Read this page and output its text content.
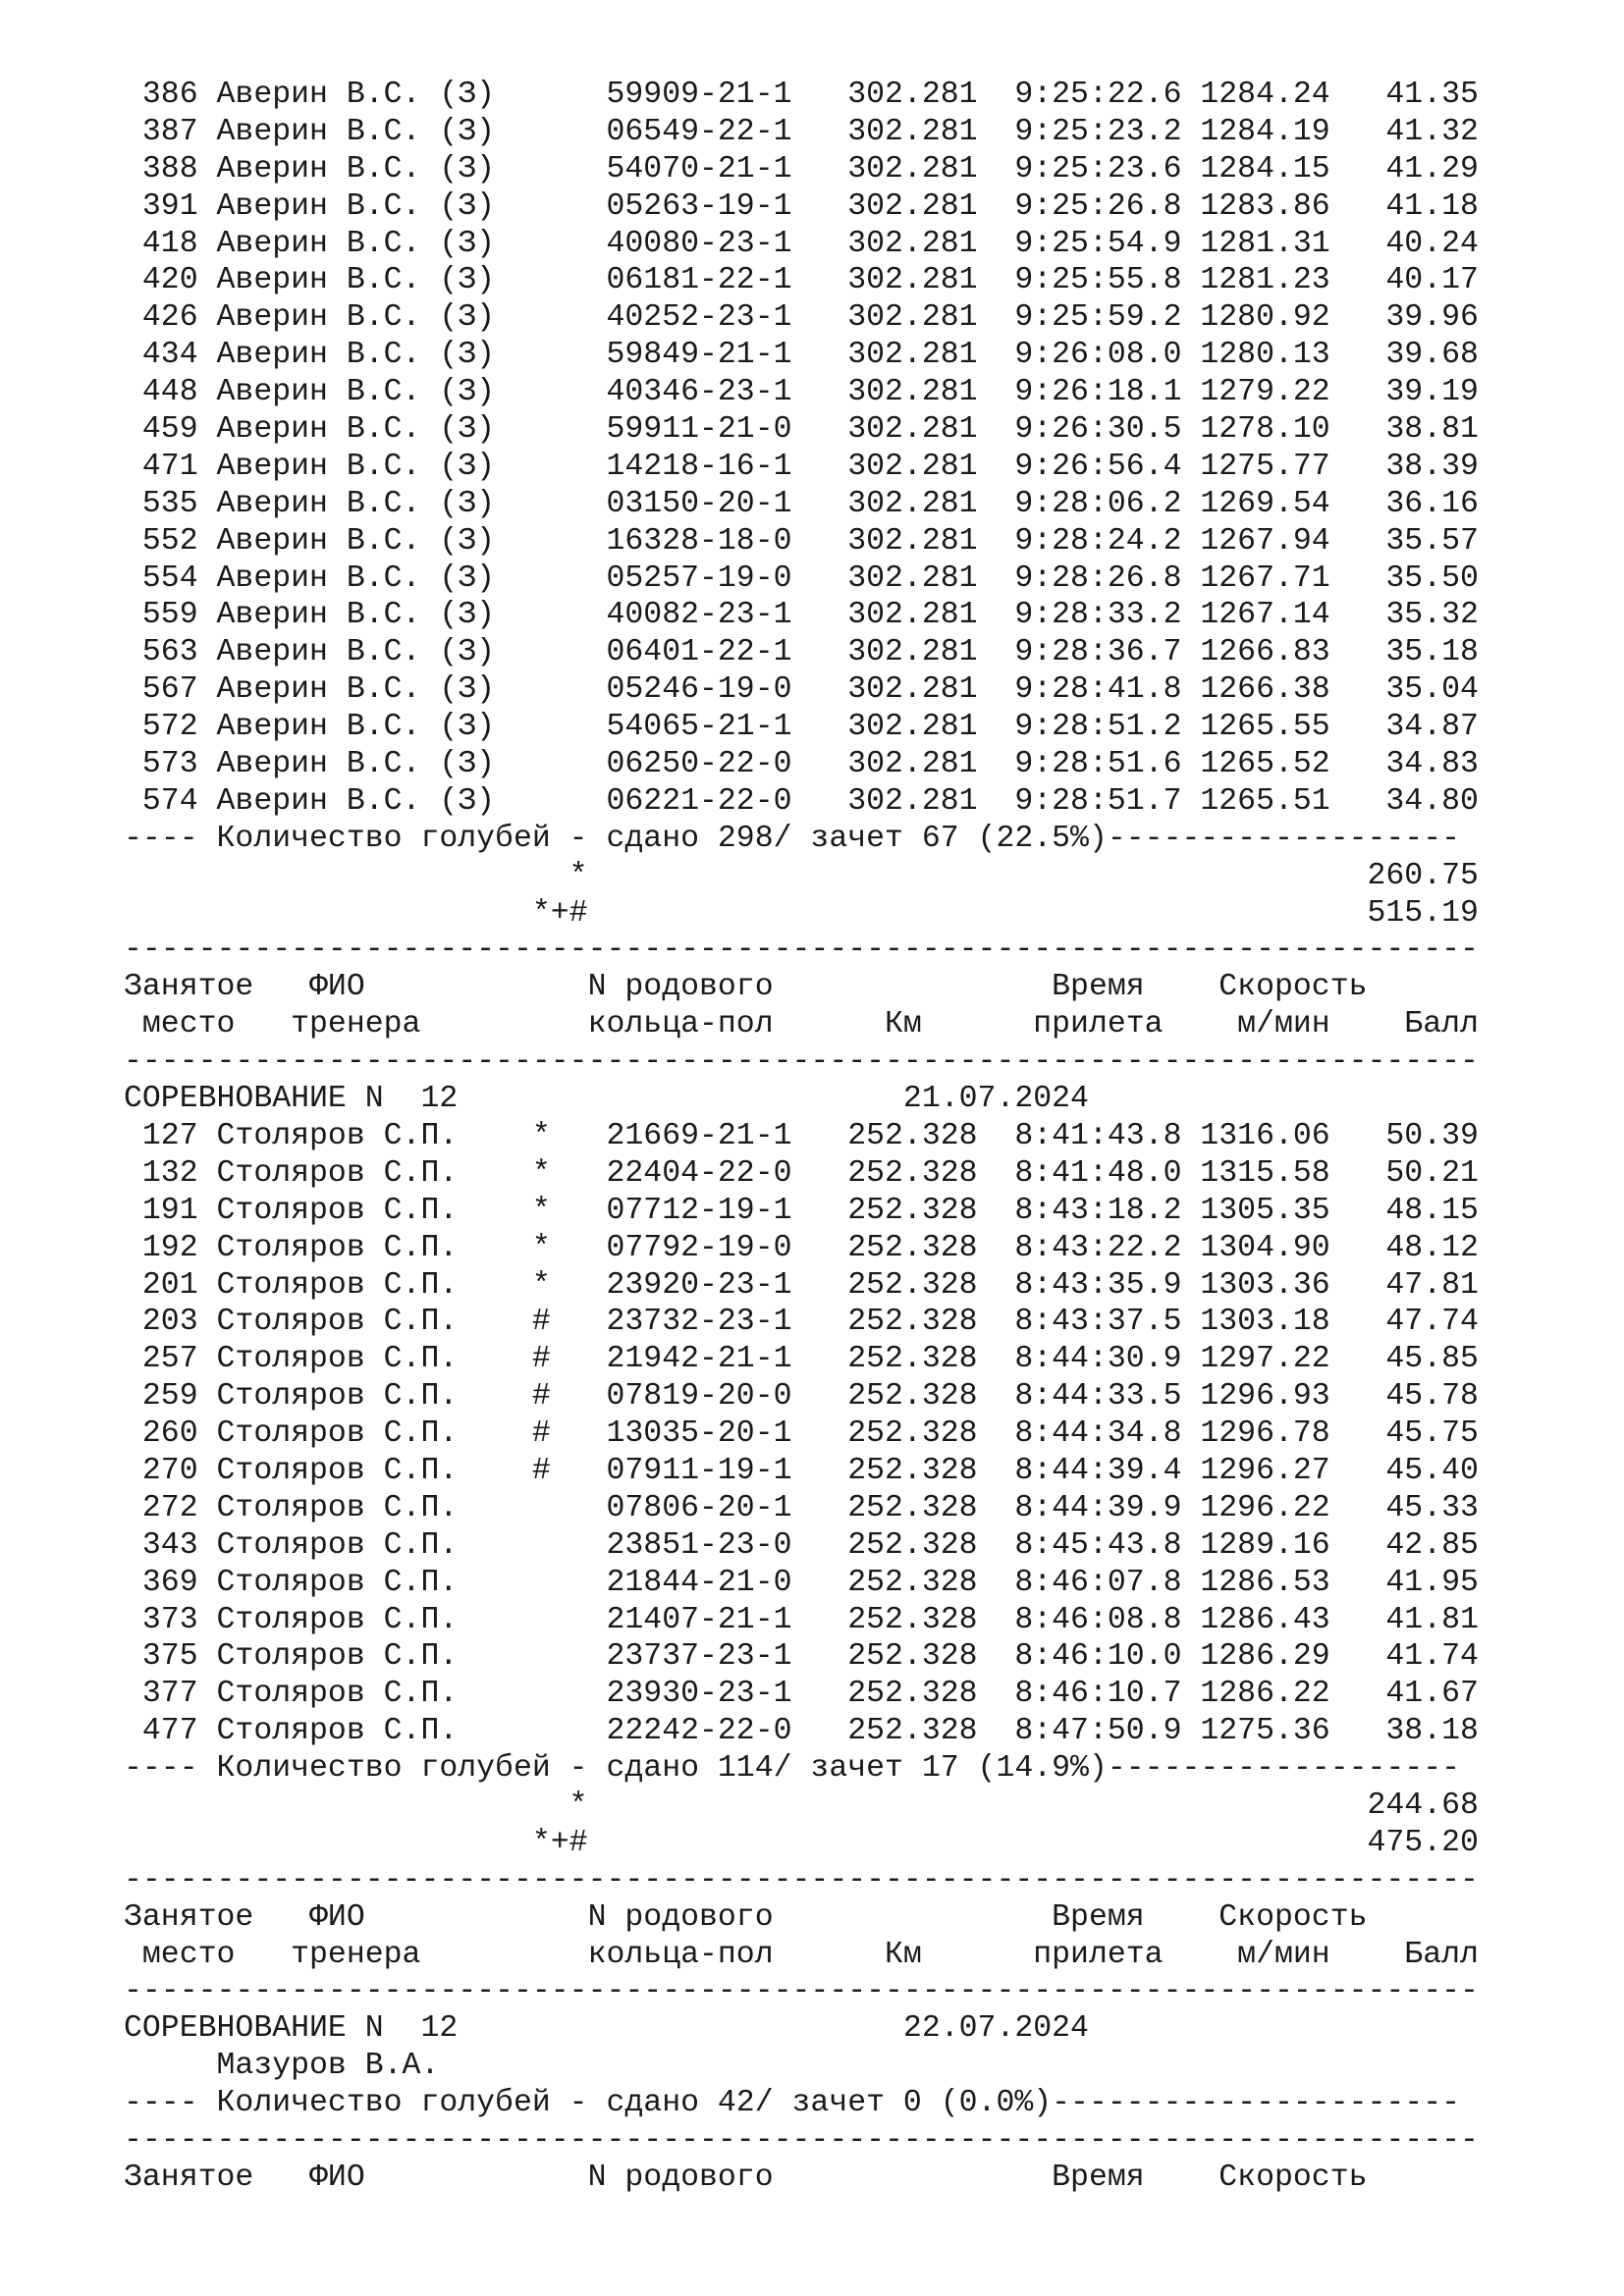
386 Аверин В.С. (З)      59909-21-1   302.281  9:25:22.6 1284.24   41.35
387 Аверин В.С. (З)      06549-22-1   302.281  9:25:23.2 1284.19   41.32
388 Аверин В.С. (З)      54070-21-1   302.281  9:25:23.6 1284.15   41.29
391 Аверин В.С. (З)      05263-19-1   302.281  9:25:26.8 1283.86   41.18
418 Аверин В.С. (З)      40080-23-1   302.281  9:25:54.9 1281.31   40.24
420 Аверин В.С. (З)      06181-22-1   302.281  9:25:55.8 1281.23   40.17
426 Аверин В.С. (З)      40252-23-1   302.281  9:25:59.2 1280.92   39.96
434 Аверин В.С. (З)      59849-21-1   302.281  9:26:08.0 1280.13   39.68
448 Аверин В.С. (З)      40346-23-1   302.281  9:26:18.1 1279.22   39.19
459 Аверин В.С. (З)      59911-21-0   302.281  9:26:30.5 1278.10   38.81
471 Аверин В.С. (З)      14218-16-1   302.281  9:26:56.4 1275.77   38.39
535 Аверин В.С. (З)      03150-20-1   302.281  9:28:06.2 1269.54   36.16
552 Аверин В.С. (З)      16328-18-0   302.281  9:28:24.2 1267.94   35.57
554 Аверин В.С. (З)      05257-19-0   302.281  9:28:26.8 1267.71   35.50
559 Аверин В.С. (З)      40082-23-1   302.281  9:28:33.2 1267.14   35.32
563 Аверин В.С. (З)      06401-22-1   302.281  9:28:36.7 1266.83   35.18
567 Аверин В.С. (З)      05246-19-0   302.281  9:28:41.8 1266.38   35.04
572 Аверин В.С. (З)      54065-21-1   302.281  9:28:51.2 1265.55   34.87
573 Аверин В.С. (З)      06250-22-0   302.281  9:28:51.6 1265.52   34.83
574 Аверин В.С. (З)      06221-22-0   302.281  9:28:51.7 1265.51   34.80
---- Количество голубей - сдано 298/ зачет 67 (22.5%)-------------------
*                                          260.75
*+#                                          515.19
-------------------------------------------------------------------------
Занятое   ФИО            N родового               Время    Скорость
место   тренера         кольца-пол      Км      прилета    м/мин    Балл
-------------------------------------------------------------------------
СОРЕВНОВАНИЕ N  12                        21.07.2024
127 Столяров С.П.    *   21669-21-1   252.328  8:41:43.8 1316.06   50.39
132 Столяров С.П.    *   22404-22-0   252.328  8:41:48.0 1315.58   50.21
191 Столяров С.П.    *   07712-19-1   252.328  8:43:18.2 1305.35   48.15
192 Столяров С.П.    *   07792-19-0   252.328  8:43:22.2 1304.90   48.12
201 Столяров С.П.    *   23920-23-1   252.328  8:43:35.9 1303.36   47.81
203 Столяров С.П.    #   23732-23-1   252.328  8:43:37.5 1303.18   47.74
257 Столяров С.П.    #   21942-21-1   252.328  8:44:30.9 1297.22   45.85
259 Столяров С.П.    #   07819-20-0   252.328  8:44:33.5 1296.93   45.78
260 Столяров С.П.    #   13035-20-1   252.328  8:44:34.8 1296.78   45.75
270 Столяров С.П.    #   07911-19-1   252.328  8:44:39.4 1296.27   45.40
272 Столяров С.П.        07806-20-1   252.328  8:44:39.9 1296.22   45.33
343 Столяров С.П.        23851-23-0   252.328  8:45:43.8 1289.16   42.85
369 Столяров С.П.        21844-21-0   252.328  8:46:07.8 1286.53   41.95
373 Столяров С.П.        21407-21-1   252.328  8:46:08.8 1286.43   41.81
375 Столяров С.П.        23737-23-1   252.328  8:46:10.0 1286.29   41.74
377 Столяров С.П.        23930-23-1   252.328  8:46:10.7 1286.22   41.67
477 Столяров С.П.        22242-22-0   252.328  8:47:50.9 1275.36   38.18
---- Количество голубей - сдано 114/ зачет 17 (14.9%)-------------------
*                                          244.68
*+#                                          475.20
-------------------------------------------------------------------------
Занятое   ФИО            N родового               Время    Скорость
место   тренера         кольца-пол      Км      прилета    м/мин    Балл
-------------------------------------------------------------------------
СОРЕВНОВАНИЕ N  12                        22.07.2024
Мазуров В.А.
---- Количество голубей - сдано 42/ зачет 0 (0.0%)----------------------
-------------------------------------------------------------------------
Занятое   ФИО            N родового               Время    Скорость
